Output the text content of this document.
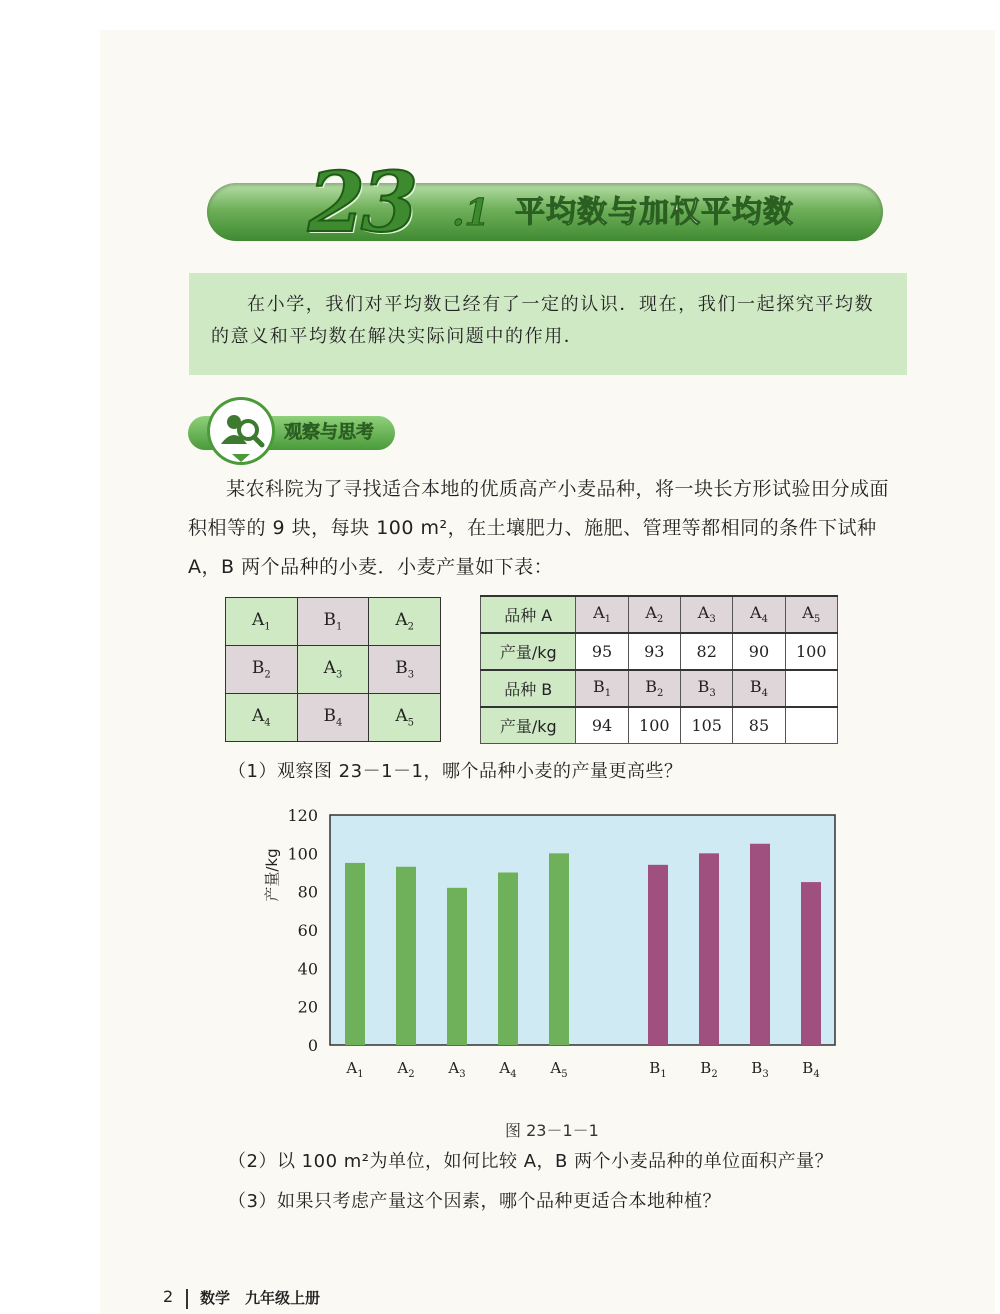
23 .1 平均数与加权平均数
在小学，我们对平均数已经有了一定的认识．现在，我们一起探究平均数的意义和平均数在解决实际问题中的作用．
观察与思考
某农科院为了寻找适合本地的优质高产小麦品种，将一块长方形试验田分成面积相等的 9 块，每块 100 m²，在土壤肥力、施肥、管理等都相同的条件下试种 A，B 两个品种的小麦．小麦产量如下表：
$A_1$	$B_1$	$A_2$
$B_2$	$A_3$	$B_3$
$A_4$	$B_4$	$A_5$
品种 A	$A_1$	$A_2$	$A_3$	$A_4$	$A_5$
产量/kg	95	93	82	90	100
品种 B	$B_1$	$B_2$	$B_3$	$B_4$	
产量/kg	94	100	105	85	
（1）观察图 23－1－1，哪个品种小麦的产量更高些？
0
20
40
60
80
100
120
产量/kg
$A_1$ $A_2$ $A_3$ $A_4$ $A_5$	$B_1$ $B_2$ $B_3$ $B_4$
图 23－1－1
（2）以 100 m²为单位，如何比较 A，B 两个小麦品种的单位面积产量？
（3）如果只考虑产量这个因素，哪个品种更适合本地种植？
2 数学　九年级上册
